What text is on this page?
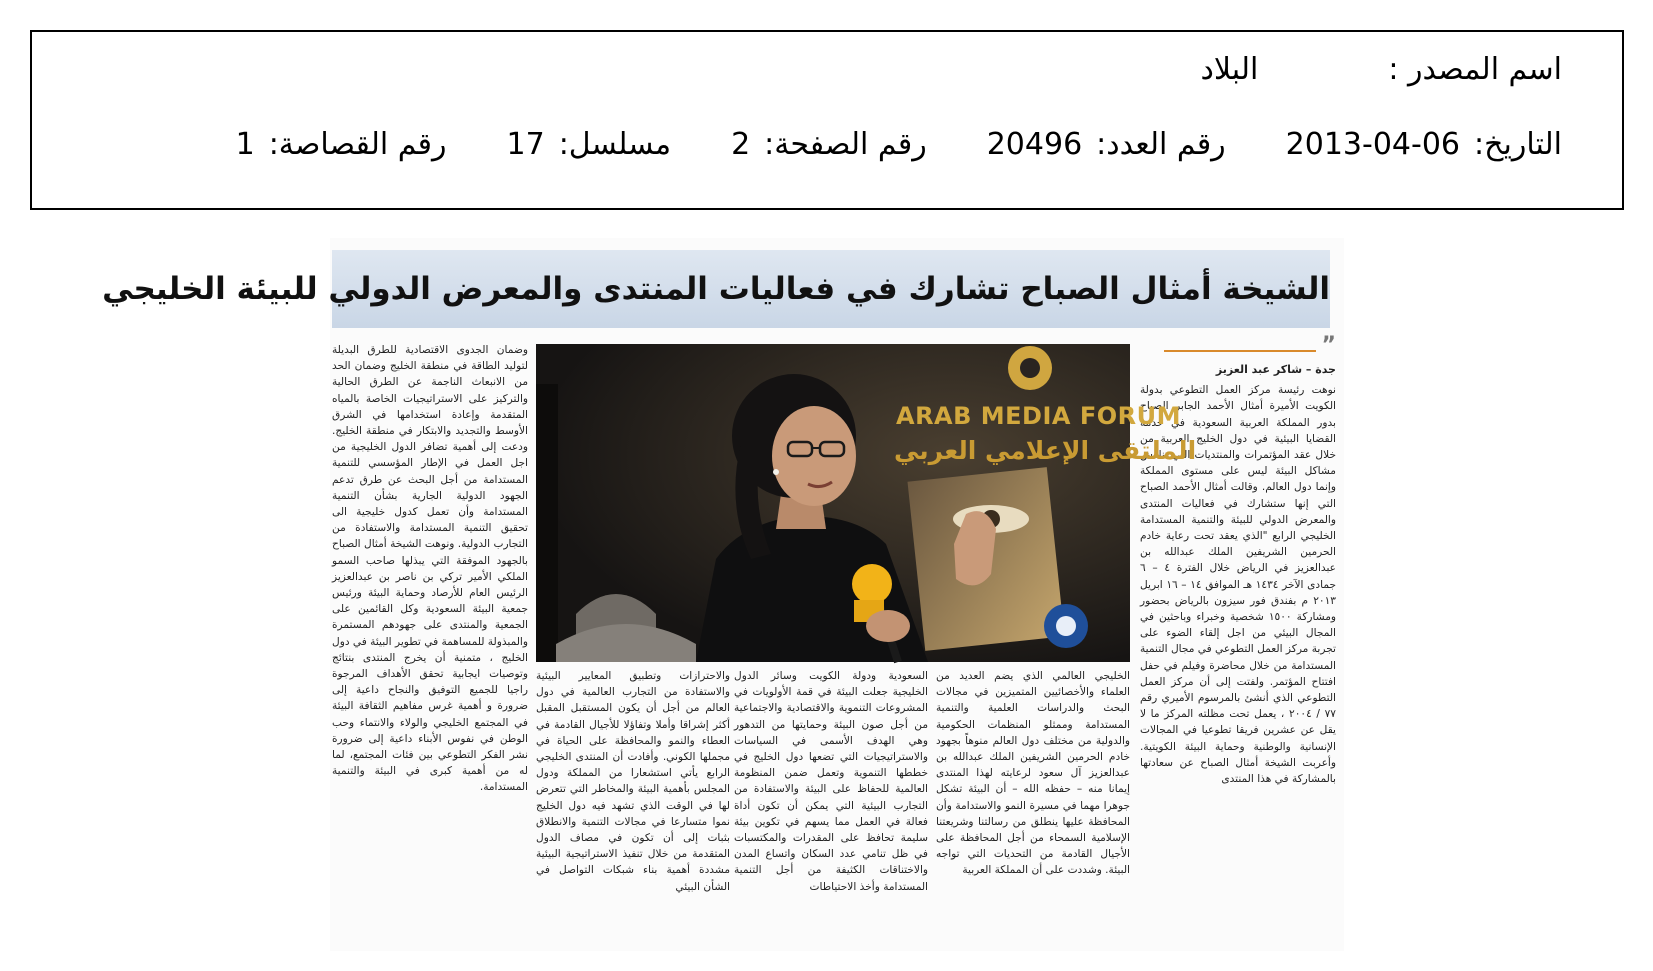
اسم المصدر :البلاد
التاريخ:2013-04-06رقم العدد:20496رقم الصفحة:2مسلسل:17رقم القصاصة:1
الشيخة أمثال الصباح تشارك في فعاليات المنتدى والمعرض الدولي للبيئة الخليجي
”
جدة – شاكر عبد العزيز
نوهت رئيسة مركز العمل التطوعي بدولة الكويت الأميرة أمثال الأحمد الجابر الصباح بدور المملكة العربية السعودية في خدمة القضايا البيئية في دول الخليج العربية من خلال عقد المؤتمرات والمنتديات التي تناقش مشاكل البيئة ليس على مستوى المملكة وإنما دول العالم. وقالت أمثال الأحمد الصباح التي إنها ستشارك في فعاليات المنتدى والمعرض الدولي للبيئة والتنمية المستدامة الخليجي الرابع "الذي يعقد تحت رعاية خادم الحرمين الشريفين الملك عبدالله بن عبدالعزيز في الرياض خلال الفترة ٤ – ٦ جمادى الآخر ١٤٣٤ هـ الموافق ١٤ – ١٦ ابريل ٢٠١٣ م بفندق فور سيزون بالرياض بحضور ومشاركة ١٥٠٠ شخصية وخبراء وباحثين في المجال البيئي من اجل إلقاء الضوء على تجربة مركز العمل التطوعي في مجال التنمية المستدامة من خلال محاضرة وفيلم في حفل افتتاح المؤتمر. ولفتت إلى أن مركز العمل التطوعي الذي أنشئ بالمرسوم الأميري رقم ٧٧ / ٢٠٠٤ ، يعمل تحت مظلته المركز ما لا يقل عن عشرين فريقا تطوعيا في المجالات الإنسانية والوطنية وحماية البيئة الكويتية. وأعربت الشيخة أمثال الصباح عن سعادتها بالمشاركة في هذا المنتدى
ARAB MEDIA FORUM
الملتقى الإعلامي العربي
الخليجي العالمي الذي يضم العديد من العلماء والأخصائيين المتميزين في مجالات البحث والدراسات العلمية والتنمية المستدامة وممثلو المنظمات الحكومية والدولية من مختلف دول العالم منوهاً بجهود خادم الحرمين الشريفين الملك عبدالله بن عبدالعزيز آل سعود لرعايته لهذا المنتدى إيمانا منه – حفظه الله – أن البيئة تشكل جوهرا مهما في مسيرة النمو والاستدامة وأن المحافظة عليها ينطلق من رسالتنا وشريعتنا الإسلامية السمحاء من أجل المحافظة على الأجيال القادمة من التحديات التي تواجه البيئة. وشددت على أن المملكة العربية
السعودية ودولة الكويت وسائر الدول الخليجية جعلت البيئة في قمة الأولويات في المشروعات التنموية والاقتصادية والاجتماعية من أجل صون البيئة وحمايتها من التدهور وهي الهدف الأسمى في السياسات والاستراتيجيات التي تضعها دول الخليج في خططها التنموية وتعمل ضمن المنظومة العالمية للحفاظ على البيئة والاستفادة من التجارب البيئية التي يمكن أن تكون أداة فعالة في العمل مما يسهم في تكوين بيئة سليمة تحافظ على المقدرات والمكتسبات في ظل تنامي عدد السكان واتساع المدن والاختناقات الكثيفة من أجل التنمية المستدامة وأخذ الاحتياطات
والاحترازات وتطبيق المعايير البيئية والاستفادة من التجارب العالمية في دول العالم من أجل أن يكون المستقبل المقبل أكثر إشراقا وأملا وتفاؤلا للأجيال القادمة في العطاء والنمو والمحافظة على الحياة في مجملها الكوني. وأفادت أن المنتدى الخليجي الرابع يأتي استشعارا من المملكة ودول المجلس بأهمية البيئة والمخاطر التي تتعرض لها في الوقت الذي تشهد فيه دول الخليج نموا متسارعا في مجالات التنمية والانطلاق بثبات إلى أن تكون في مصاف الدول المتقدمة من خلال تنفيذ الاستراتيجية البيئية مشددة أهمية بناء شبكات التواصل في الشأن البيئي
وضمان الجدوى الاقتصادية للطرق البديلة لتوليد الطاقة في منطقة الخليج وضمان الحد من الانبعاث الناجمة عن الطرق الحالية والتركيز على الاستراتيجيات الخاصة بالمياه المتقدمة وإعادة استخدامها في الشرق الأوسط والتجديد والابتكار في منطقة الخليج. ودعت إلى أهمية تضافر الدول الخليجية من اجل العمل في الإطار المؤسسي للتنمية المستدامة من أجل البحث عن طرق تدعم الجهود الدولية الجارية بشأن التنمية المستدامة وأن تعمل كدول خليجية الى تحقيق التنمية المستدامة والاستفادة من التجارب الدولية. ونوهت الشيخة أمثال الصباح بالجهود الموفقة التي يبذلها صاحب السمو الملكي الأمير تركي بن ناصر بن عبدالعزيز الرئيس العام للأرصاد وحماية البيئة ورئيس جمعية البيئة السعودية وكل القائمين على الجمعية والمنتدى على جهودهم المستمرة والمبذولة للمساهمة في تطوير البيئة في دول الخليج ، متمنية أن يخرج المنتدى بنتائج وتوصيات ايجابية تحقق الأهداف المرجوة راجيا للجميع التوفيق والنجاح داعية إلى ضرورة و أهمية غرس مفاهيم الثقافة البيئة في المجتمع الخليجي والولاء والانتماء وحب الوطن في نفوس الأبناء داعية إلى ضرورة نشر الفكر التطوعي بين فئات المجتمع، لما له من أهمية كبرى في البيئة والتنمية المستدامة.
